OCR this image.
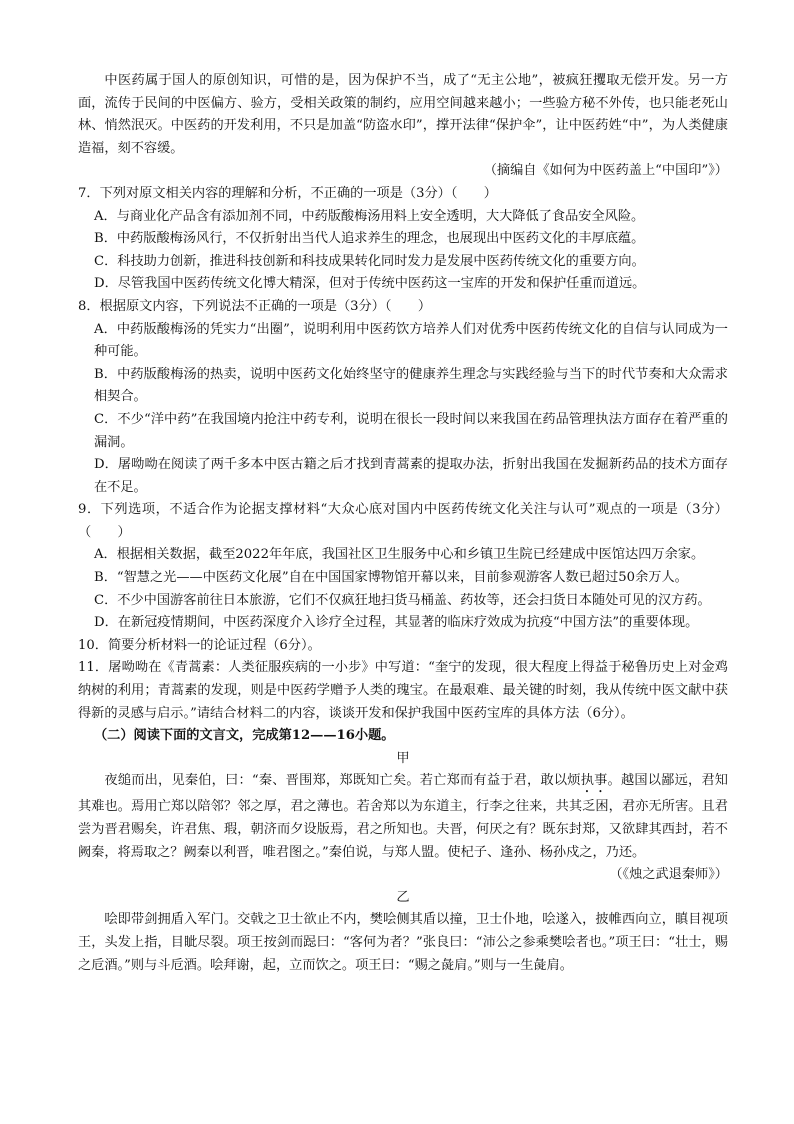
中医药属于国人的原创知识，可惜的是，因为保护不当，成了“无主公地”，被疯狂攫取无偿开发。另一方面，流传于民间的中医偏方、验方，受相关政策的制约，应用空间越来越小；一些验方秘不外传，也只能老死山林、悄然泯灭。中医药的开发利用，不只是加盖“防盗水印”，撑开法律“保护伞”，让中医药姓“中”，为人类健康造福，刻不容缓。

（摘编自《如何为中医药盖上“中国印”》）

7．下列对原文相关内容的理解和分析，不正确的一项是（3分）（　　）

A．与商业化产品含有添加剂不同，中药版酸梅汤用料上安全透明，大大降低了食品安全风险。

B．中药版酸梅汤风行，不仅折射出当代人追求养生的理念，也展现出中医药文化的丰厚底蕴。

C．科技助力创新，推进科技创新和科技成果转化同时发力是发展中医药传统文化的重要方向。

D．尽管我国中医药传统文化博大精深，但对于传统中医药这一宝库的开发和保护任重而道远。

8．根据原文内容，下列说法不正确的一项是（3分）（　　）

A．中药版酸梅汤的凭实力“出圈”，说明利用中医药饮方培养人们对优秀中医药传统文化的自信与认同成为一种可能。

B．中药版酸梅汤的热卖，说明中医药文化始终坚守的健康养生理念与实践经验与当下的时代节奏和大众需求相契合。

C．不少“洋中药”在我国境内抢注中药专利，说明在很长一段时间以来我国在药品管理执法方面存在着严重的漏洞。

D．屠呦呦在阅读了两千多本中医古籍之后才找到青蒿素的提取办法，折射出我国在发掘新药品的技术方面存在不足。

9．下列选项，不适合作为论据支撑材料“大众心底对国内中医药传统文化关注与认可”观点的一项是（3分）（　　）

A．根据相关数据，截至2022年年底，我国社区卫生服务中心和乡镇卫生院已经建成中医馆达四万余家。

B．“智慧之光——中医药文化展”自在中国国家博物馆开幕以来，目前参观游客人数已超过50余万人。

C．不少中国游客前往日本旅游，它们不仅疯狂地扫货马桶盖、药妆等，还会扫货日本随处可见的汉方药。

D．在新冠疫情期间，中医药深度介入诊疗全过程，其显著的临床疗效成为抗疫“中国方法”的重要体现。

10．简要分析材料一的论证过程（6分）。

11．屠呦呦在《青蒿素：人类征服疾病的一小步》中写道：“奎宁的发现，很大程度上得益于秘鲁历史上对金鸡纳树的利用；青蒿素的发现，则是中医药学赠予人类的瑰宝。在最艰难、最关键的时刻，我从传统中医文献中获得新的灵感与启示。”请结合材料二的内容，谈谈开发和保护我国中医药宝库的具体方法（6分）。

（二）阅读下面的文言文，完成第12——16小题。

甲

夜缒而出，见秦伯，曰：“秦、晋围郑，郑既知亡矣。若亡郑而有益于君，敢以烦执事。越国以鄙远，君知其难也。焉用亡郑以陪邻？邻之厚，君之薄也。若舍郑以为东道主，行李之往来，共其乏困，君亦无所害。且君尝为晋君赐矣，许君焦、瑕，朝济而夕设版焉，君之所知也。夫晋，何厌之有？既东封郑，又欲肆其西封，若不阙秦，将焉取之？阙秦以利晋，唯君图之。”秦伯说，与郑人盟。使杞子、逢孙、杨孙戍之，乃还。

（《烛之武退秦师》）

乙

哙即带剑拥盾入军门。交戟之卫士欲止不内，樊哙侧其盾以撞，卫士仆地，哙遂入，披帷西向立，瞋目视项王，头发上指，目眦尽裂。项王按剑而跽曰：“客何为者？”张良曰：“沛公之参乘樊哙者也。”项王曰：“壮士，赐之卮酒。”则与斗卮酒。哙拜谢，起，立而饮之。项王曰：“赐之彘肩。”则与一生彘肩。
